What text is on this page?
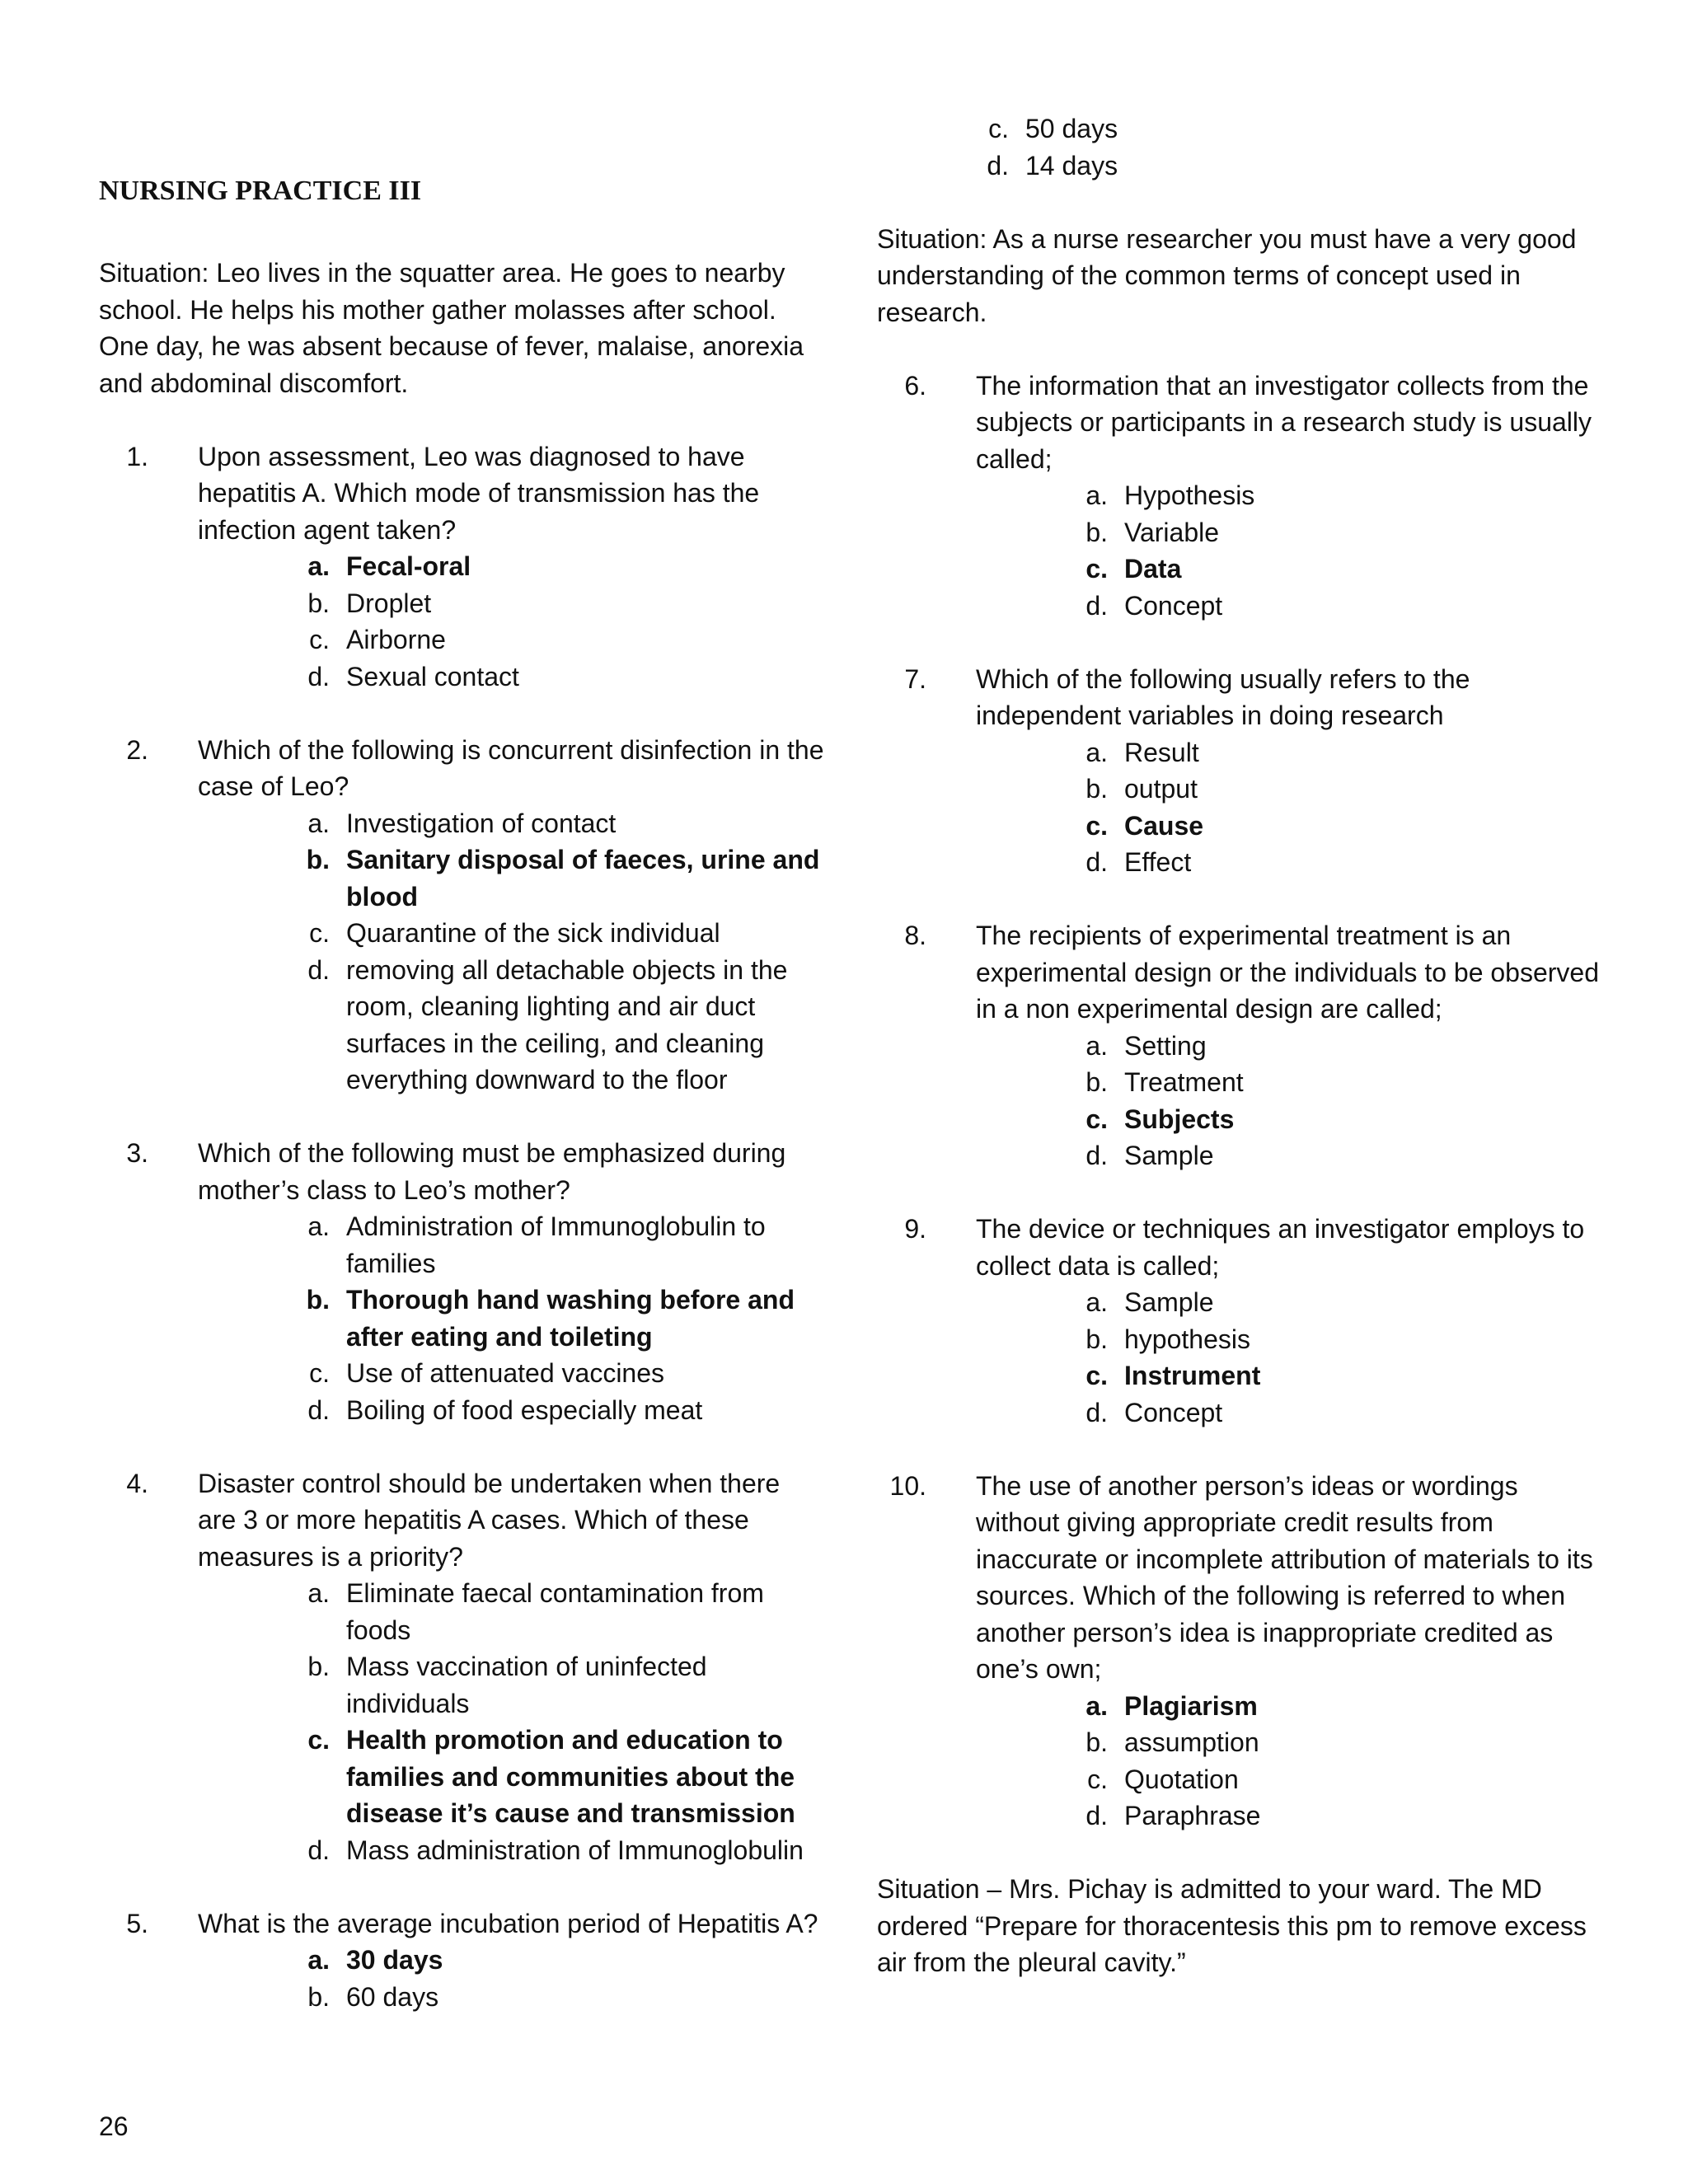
NURSING PRACTICE III

Situation: Leo lives in the squatter area. He goes to nearby school. He helps his mother gather molasses after school. One day, he was absent because of fever, malaise, anorexia and abdominal discomfort.

1. Upon assessment, Leo was diagnosed to have hepatitis A. Which mode of transmission has the infection agent taken?
a. Fecal-oral
b. Droplet
c. Airborne
d. Sexual contact
2. Which of the following is concurrent disinfection in the case of Leo?
a. Investigation of contact
b. Sanitary disposal of faeces, urine and blood
c. Quarantine of the sick individual
d. removing all detachable objects in the room, cleaning lighting and air duct surfaces in the ceiling, and cleaning everything downward to the floor
3. Which of the following must be emphasized during mother’s class to Leo’s mother?
a. Administration of Immunoglobulin to families
b. Thorough hand washing before and after eating and toileting
c. Use of attenuated vaccines
d. Boiling of food especially meat
4. Disaster control should be undertaken when there are 3 or more hepatitis A cases. Which of these measures is a priority?
a. Eliminate faecal contamination from foods
b. Mass vaccination of uninfected individuals
c. Health promotion and education to families and communities about the disease it’s cause and transmission
d. Mass administration of Immunoglobulin
5. What is the average incubation period of Hepatitis A?
a. 30 days
b. 60 days
c. 50 days
d. 14 days

Situation: As a nurse researcher you must have a very good understanding of the common terms of concept used in research.

6. The information that an investigator collects from the subjects or participants in a research study is usually called;
a. Hypothesis
b. Variable
c. Data
d. Concept
7. Which of the following usually refers to the independent variables in doing research
a. Result
b. output
c. Cause
d. Effect
8. The recipients of experimental treatment is an experimental design or the individuals to be observed in a non experimental design are called;
a. Setting
b. Treatment
c. Subjects
d. Sample
9. The device or techniques an investigator employs to collect data is called;
a. Sample
b. hypothesis
c. Instrument
d. Concept
10. The use of another person’s ideas or wordings without giving appropriate credit results from inaccurate or incomplete attribution of materials to its sources. Which of the following is referred to when another person’s idea is inappropriate credited as one’s own;
a. Plagiarism
b. assumption
c. Quotation
d. Paraphrase

Situation – Mrs. Pichay is admitted to your ward. The MD ordered “Prepare for thoracentesis this pm to remove excess air from the pleural cavity.”

26
